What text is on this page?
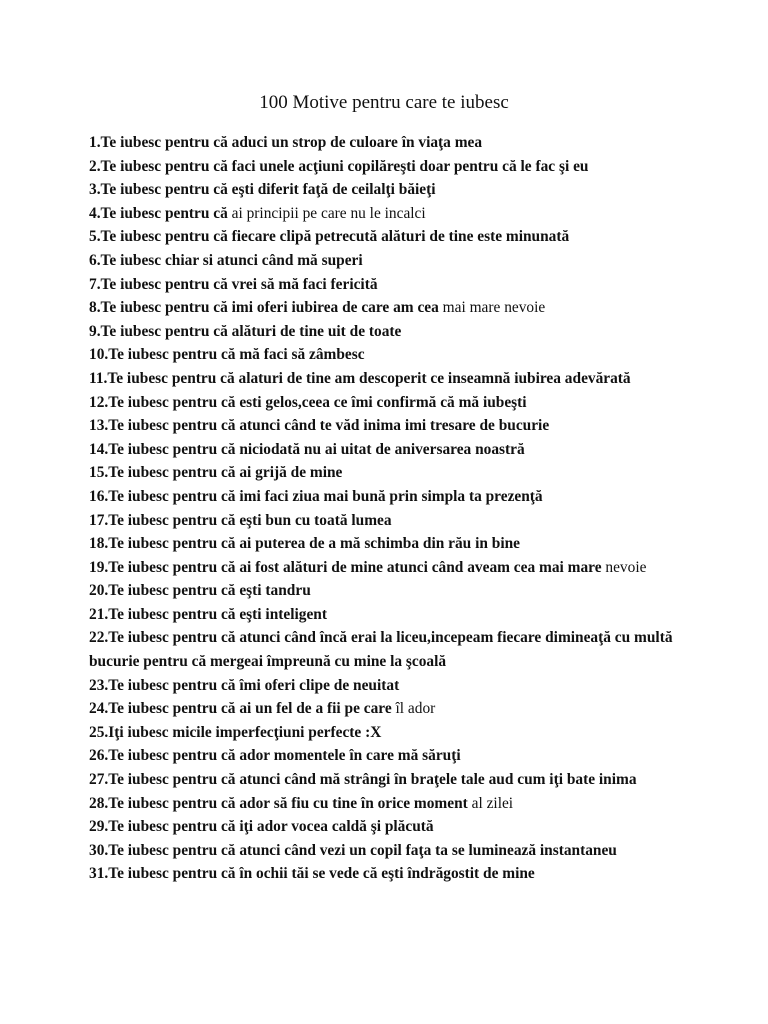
100 Motive pentru care te iubesc
1.Te iubesc pentru că aduci un strop de culoare în viaţa mea
2.Te iubesc pentru că faci unele acţiuni copilăreşti doar pentru că le fac şi eu
3.Te iubesc pentru că eşti diferit faţă de ceilalţi băieţi
4.Te iubesc pentru că ai principii pe care nu le incalci
5.Te iubesc pentru că fiecare clipă petrecută alături de tine este minunată
6.Te iubesc chiar si atunci când mă superi
7.Te iubesc pentru că vrei să mă faci fericită
8.Te iubesc pentru că imi oferi iubirea de care am cea mai mare nevoie
9.Te iubesc pentru că alături de tine uit de toate
10.Te iubesc pentru că mă faci să zâmbesc
11.Te iubesc pentru că alaturi de tine am descoperit ce inseamnă iubirea adevărată
12.Te iubesc pentru că esti gelos,ceea ce îmi confirmă că mă iubeşti
13.Te iubesc pentru că atunci când te văd inima imi tresare de bucurie
14.Te iubesc pentru că niciodată nu ai uitat de aniversarea noastră
15.Te iubesc pentru că ai grijă de mine
16.Te iubesc pentru că imi faci ziua mai bună prin simpla ta prezenţă
17.Te iubesc pentru că eşti bun cu toată lumea
18.Te iubesc pentru că ai puterea de a mă schimba din rău in bine
19.Te iubesc pentru că ai fost alături de mine atunci când aveam cea mai mare nevoie
20.Te iubesc pentru că eşti tandru
21.Te iubesc pentru că eşti inteligent
22.Te iubesc pentru că atunci când încă erai la liceu,incepeam fiecare dimineaţă cu multă bucurie pentru că mergeai împreună cu mine la şcoală
23.Te iubesc pentru că îmi oferi clipe de neuitat
24.Te iubesc pentru că ai un fel de a fii pe care îl ador
25.Iţi iubesc micile imperfecţiuni perfecte :X
26.Te iubesc pentru că ador momentele în care mă săruţi
27.Te iubesc pentru că atunci când mă strângi în braţele tale aud cum iţi bate inima
28.Te iubesc pentru că ador să fiu cu tine în orice moment al zilei
29.Te iubesc pentru că iţi ador vocea caldă şi plăcută
30.Te iubesc pentru că atunci când vezi un copil faţa ta se luminează instantaneu
31.Te iubesc pentru că în ochii tăi se vede că eşti îndrăgostit de mine
